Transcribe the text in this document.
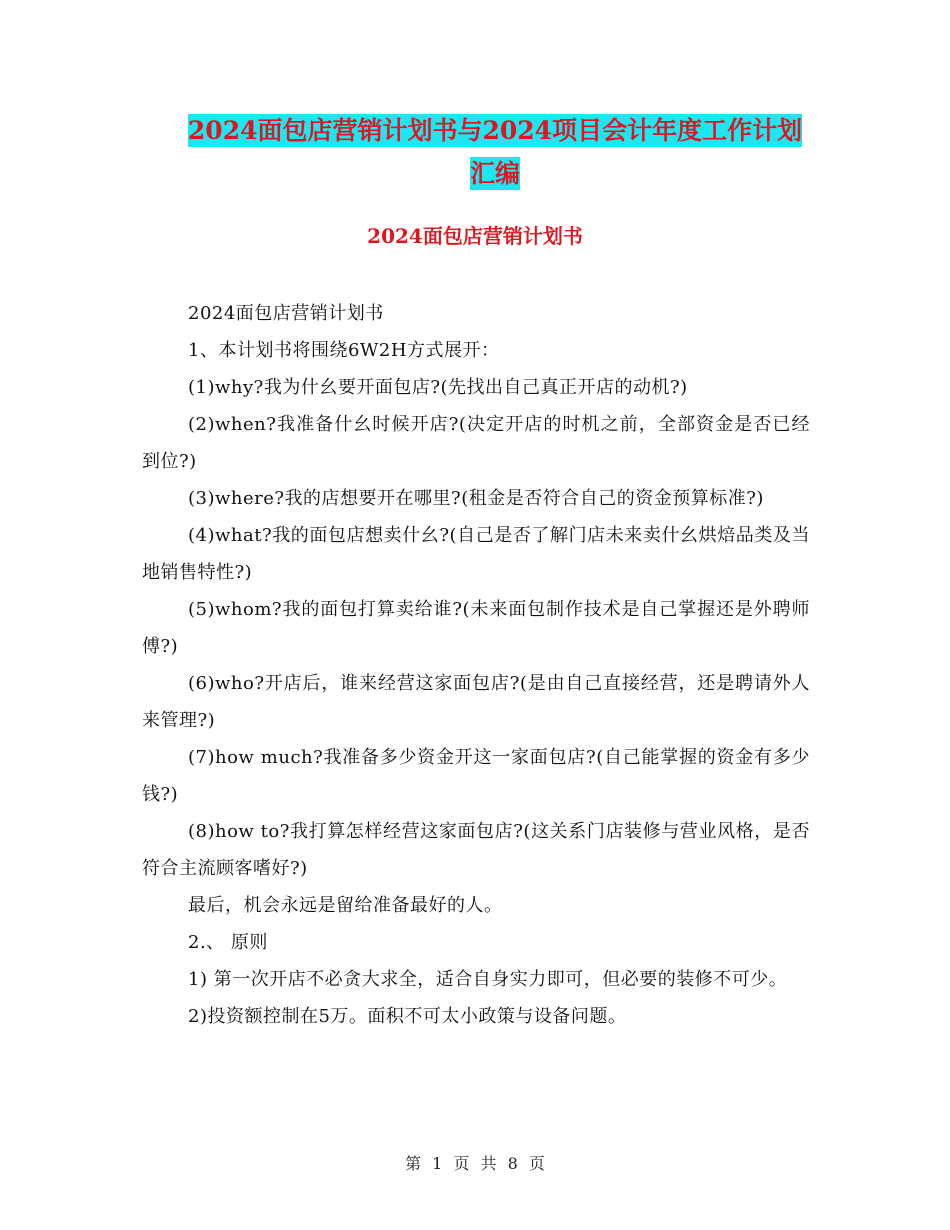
2024面包店营销计划书与2024项目会计年度工作计划
汇编
2024面包店营销计划书

2024面包店营销计划书

1、本计划书将围绕6W2H方式展开：

(1)why?我为什幺要开面包店?(先找出自己真正开店的动机?)

(2)when?我准备什幺时候开店?(决定开店的时机之前，全部资金是否已经到位?)

(3)where?我的店想要开在哪里?(租金是否符合自己的资金预算标准?)

(4)what?我的面包店想卖什幺?(自己是否了解门店未来卖什幺烘焙品类及当地销售特性?)

(5)whom?我的面包打算卖给谁?(未来面包制作技术是自己掌握还是外聘师傅?)

(6)who?开店后，谁来经营这家面包店?(是由自己直接经营，还是聘请外人来管理?)

(7)how much?我准备多少资金开这一家面包店?(自己能掌握的资金有多少钱?)

(8)how to?我打算怎样经营这家面包店?(这关系门店装修与营业风格，是否符合主流顾客嗜好?)

最后，机会永远是留给准备最好的人。

2.、 原则

1) 第一次开店不必贪大求全，适合自身实力即可，但必要的装修不可少。

2)投资额控制在5万。面积不可太小政策与设备问题。

第 1 页 共 8 页
